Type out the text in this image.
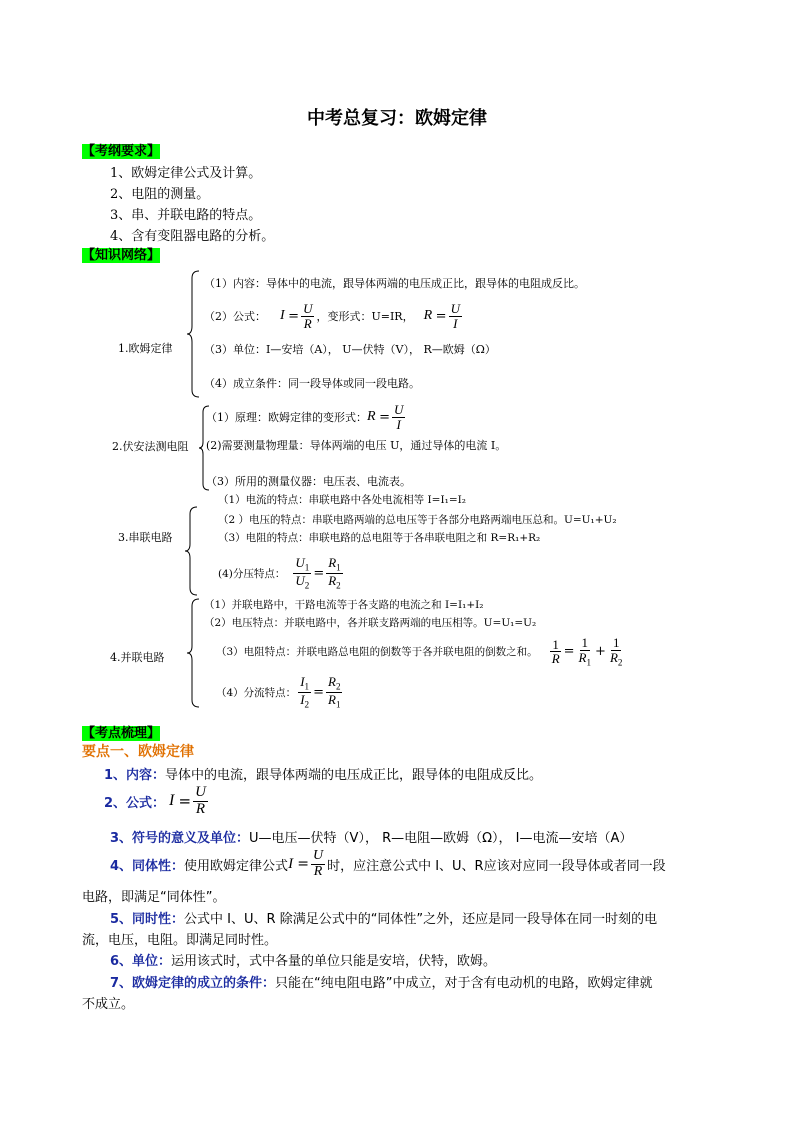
中考总复习：欧姆定律
【考纲要求】
1、欧姆定律公式及计算。
2、电阻的测量。
3、串、并联电路的特点。
4、含有变阻器电路的分析。
【知识网络】
1.欧姆定律
（1）内容：导体中的电流，跟导体两端的电压成正比，跟导体的电阻成反比。
（2）公式： I
= $\frac{U}{R}$ ，变形式：U=IR， R
= $\frac{U}{I}$
（3）单位：I—安培（A）， U—伏特（V）， R—欧姆（Ω）
（4）成立条件：同一段导体或同一段电路。
2.伏安法测电阻
（1）原理：欧姆定律的变形式： R
= $\frac{U}{I}$
(2)需要测量物理量：导体两端的电压 U，通过导体的电流 I。
（3）所用的测量仪器：电压表、电流表。
3.串联电路
（1）电流的特点：串联电路中各处电流相等 I=I₁=I₂
（2 ）电压的特点：串联电路两端的总电压等于各部分电路两端电压总和。U=U₁+U₂
（3）电阻的特点：串联电路的总电阻等于各串联电阻之和 R=R₁+R₂
(4)分压特点： $\frac{U_1}{U_2} = \frac{R_1}{R_2}$
4.并联电路
（1）并联电路中，干路电流等于各支路的电流之和 I=I₁+I₂
（2）电压特点：并联电路中，各并联支路两端的电压相等。U=U₁=U₂
（3）电阻特点：并联电路总电阻的倒数等于各并联电阻的倒数之和。 $\frac{1}{R} = \frac{1}{R_1} + \frac{1}{R_2}$
（4）分流特点： $\frac{I_1}{I_2} = \frac{R_2}{R_1}$
【考点梳理】
要点一、欧姆定律
1、内容：导体中的电流，跟导体两端的电压成正比，跟导体的电阻成反比。
2、公式： I
= $\frac{U}{R}$
3、符号的意义及单位：U—电压—伏特（V）， R—电阻—欧姆（Ω）， I—电流—安培（A）
4、同体性： 使用欧姆定律公式 I
= $\frac{U}{R}$ 时，应注意公式中 I、U、R应该对应同一段导体或者同一段
电路，即满足“同体性”。
5、同时性：公式中 I、U、R 除满足公式中的“同体性”之外，还应是同一段导体在同一时刻的电
流，电压，电阻。即满足同时性。
6、单位：运用该式时，式中各量的单位只能是安培，伏特，欧姆。
7、欧姆定律的成立的条件：只能在“纯电阻电路”中成立，对于含有电动机的电路，欧姆定律就
不成立。
